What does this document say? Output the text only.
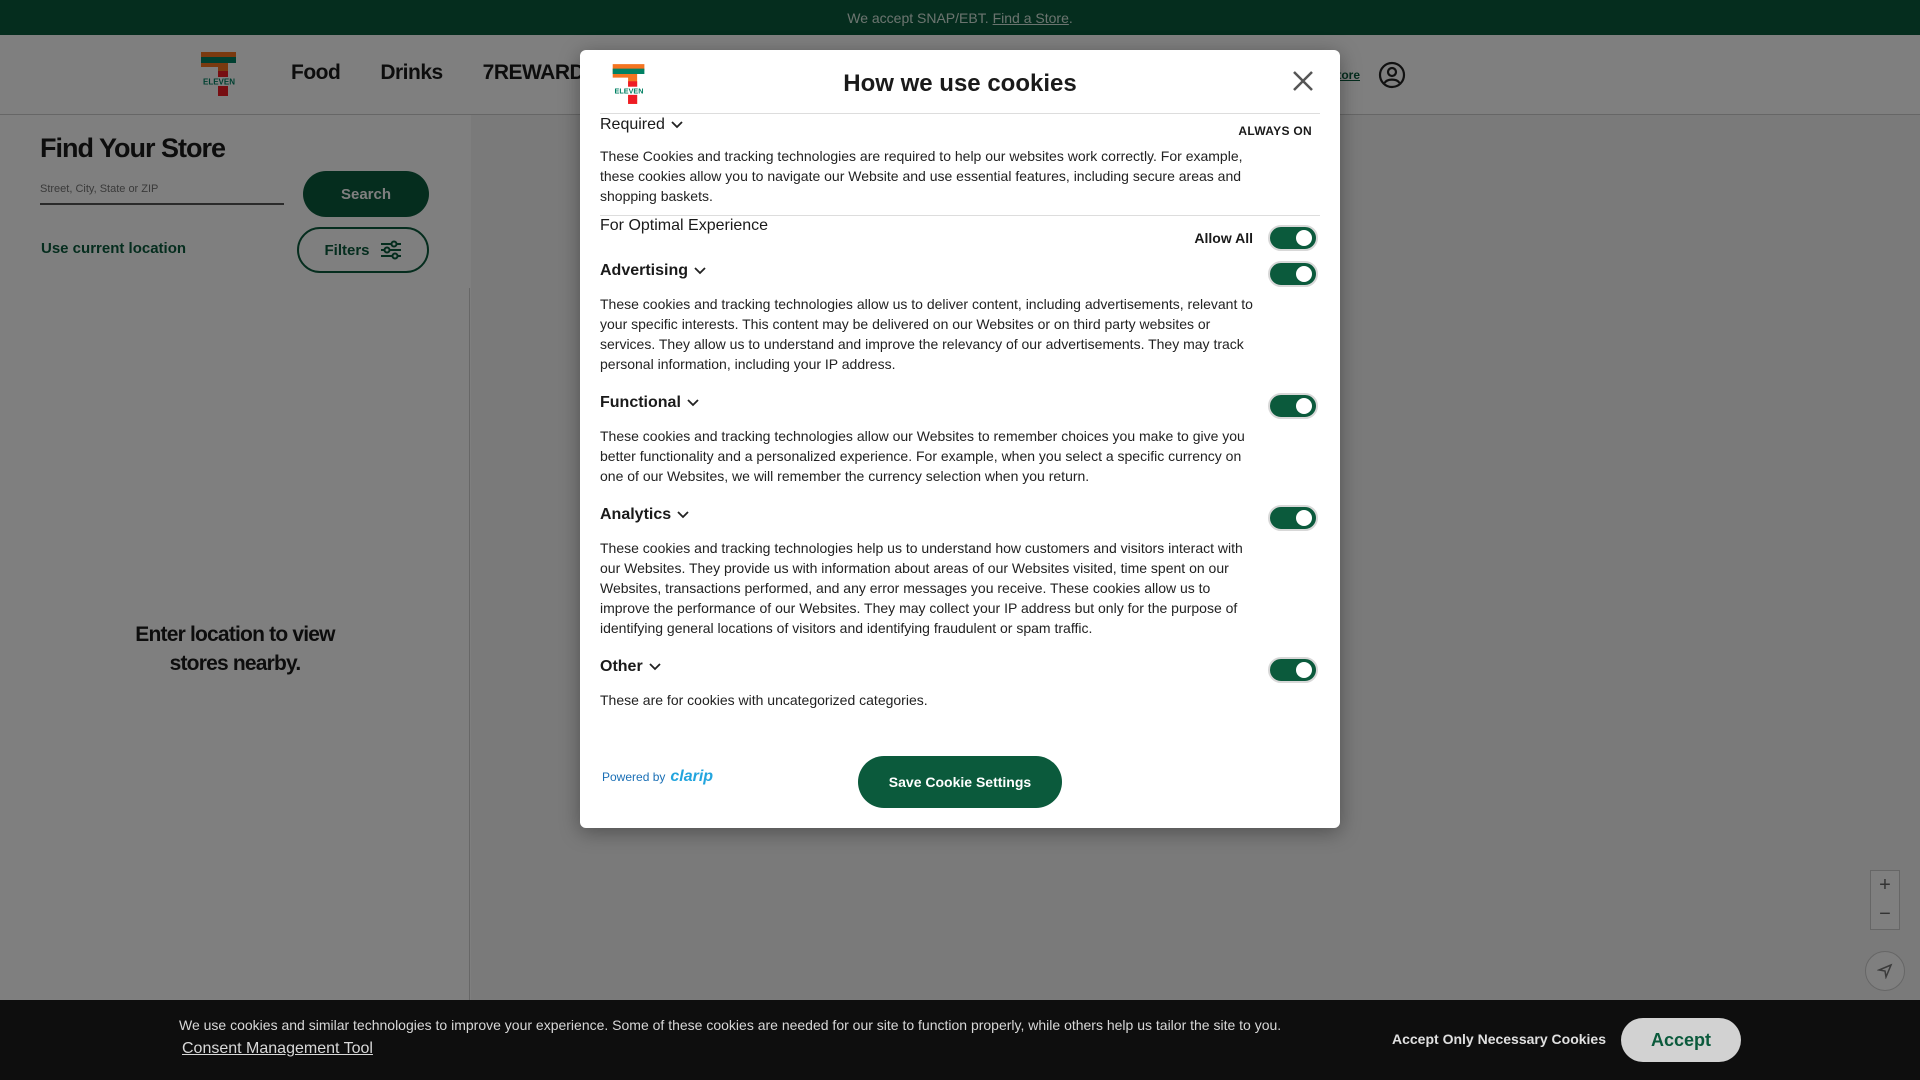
Street, City, State or ZIP
ELEVEN	How we use cookies
Required	ALWAYS ON
These Cookies and tracking technologies are required to help our websites work correctly. For example, these cookies allow you to navigate our Website and use essential features, including secure areas and shopping baskets.
For Optimal Experience
Allow All
Advertising
These cookies and tracking technologies allow us to deliver content, including advertisements, relevant to your specific interests. This content may be delivered on our Websites or on third party websites or services. They allow us to understand and improve the relevancy of our advertisements. They may track personal information, including your IP address.
Functional
These cookies and tracking technologies allow our Websites to remember choices you make to give you better functionality and a personalized experience. For example, when you select a specific currency on one of our Websites, we will remember the currency selection when you return.
Analytics
These cookies and tracking technologies help us to understand how customers and visitors interact with our Websites. They provide us with information about areas of our Websites visited, time spent on our Websites, transactions performed, and any error messages you receive. These cookies allow us to improve the performance of our Websites. They may collect your IP address but only for the purpose of identifying general locations of visitors and identifying fraudulent or spam traffic.
Other
These are for cookies with uncategorized categories.
Powered by clarip	Save Cookie Settings
We use cookies and similar technologies to improve your experience. Some of these cookies are needed for our site to function properly, while others help us tailor the site to you.
Consent Management Tool
Accept Only Necessary Cookies	Accept
